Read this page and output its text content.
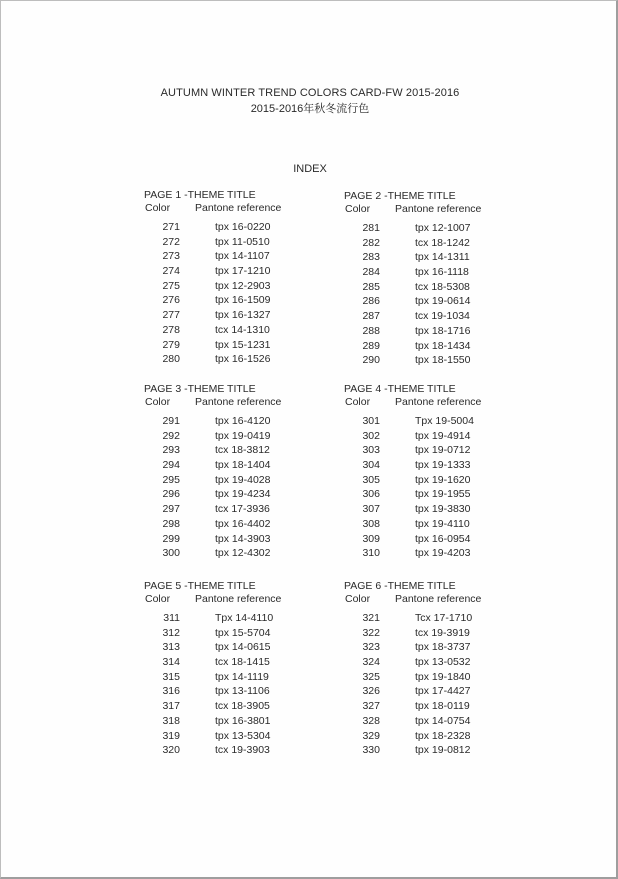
AUTUMN WINTER TREND COLORS CARD-FW 2015-2016
2015-2016年秋冬流行色
INDEX
PAGE 1 -THEME TITLE
Color Pantone reference
271	tpx 16-0220
272	tpx 11-0510
273	tpx 14-1107
274	tpx 17-1210
275	tpx 12-2903
276	tpx 16-1509
277	tpx 16-1327
278	tcx 14-1310
279	tpx 15-1231
280	tpx 16-1526
PAGE 2 -THEME TITLE
Color Pantone reference
281	tpx 12-1007
282	tcx 18-1242
283	tpx 14-1311
284	tpx 16-1118
285	tcx 18-5308
286	tpx 19-0614
287	tcx 19-1034
288	tpx 18-1716
289	tpx 18-1434
290	tpx 18-1550
PAGE 3 -THEME TITLE
Color Pantone reference
291	tpx 16-4120
292	tpx 19-0419
293	tcx 18-3812
294	tpx 18-1404
295	tpx 19-4028
296	tpx 19-4234
297	tcx 17-3936
298	tpx 16-4402
299	tpx 14-3903
300	tpx 12-4302
PAGE 4 -THEME TITLE
Color Pantone reference
301	Tpx 19-5004
302	tpx 19-4914
303	tpx 19-0712
304	tpx 19-1333
305	tpx 19-1620
306	tpx 19-1955
307	tpx 19-3830
308	tpx 19-4110
309	tpx 16-0954
310	tpx 19-4203
PAGE 5 -THEME TITLE
Color Pantone reference
311	Tpx 14-4110
312	tpx 15-5704
313	tpx 14-0615
314	tcx 18-1415
315	tpx 14-1119
316	tpx 13-1106
317	tcx 18-3905
318	tpx 16-3801
319	tpx 13-5304
320	tcx 19-3903
PAGE 6 -THEME TITLE
Color Pantone reference
321	Tcx 17-1710
322	tcx 19-3919
323	tpx 18-3737
324	tpx 13-0532
325	tpx 19-1840
326	tpx 17-4427
327	tpx 18-0119
328	tpx 14-0754
329	tpx 18-2328
330	tpx 19-0812
